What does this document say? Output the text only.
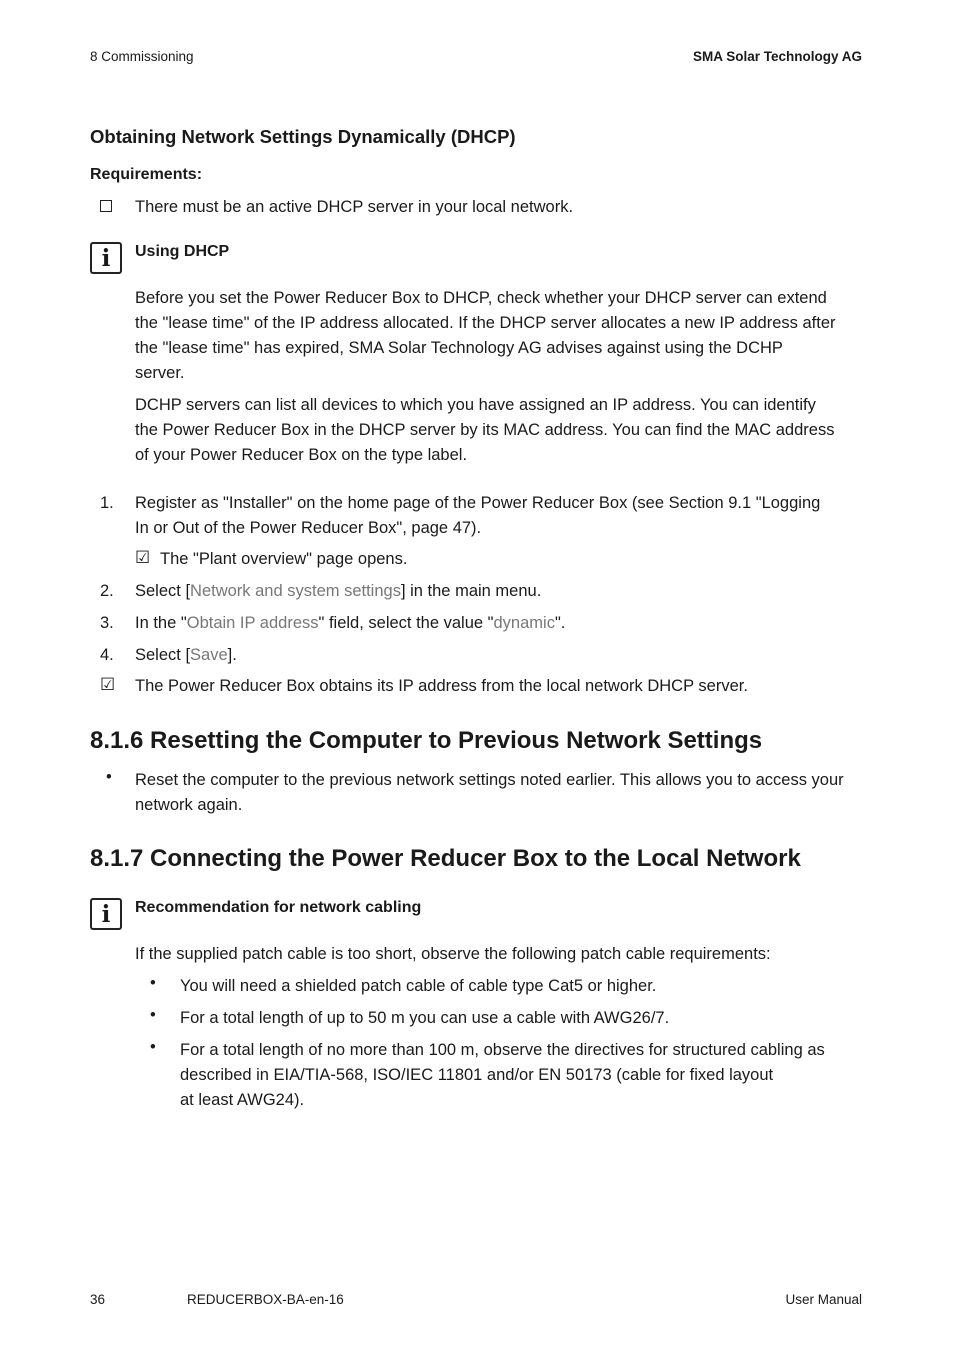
8 Commissioning	SMA Solar Technology AG
Obtaining Network Settings Dynamically (DHCP)
Requirements:
There must be an active DHCP server in your local network.
i	Using DHCP
Before you set the Power Reducer Box to DHCP, check whether your DHCP server can extend
the "lease time" of the IP address allocated. If the DHCP server allocates a new IP address after
the "lease time" has expired, SMA Solar Technology AG advises against using the DCHP
server.
DCHP servers can list all devices to which you have assigned an IP address. You can identify
the Power Reducer Box in the DHCP server by its MAC address. You can find the MAC address
of your Power Reducer Box on the type label.
1.	Register as "Installer" on the home page of the Power Reducer Box (see Section 9.1 "Logging
In or Out of the Power Reducer Box", page 47).
☑ The "Plant overview" page opens.
2.	Select [Network and system settings] in the main menu.
3.	In the "Obtain IP address" field, select the value "dynamic".
4.	Select [Save].
☑ The Power Reducer Box obtains its IP address from the local network DHCP server.
8.1.6 Resetting the Computer to Previous Network Settings
• Reset the computer to the previous network settings noted earlier. This allows you to access your
network again.
8.1.7 Connecting the Power Reducer Box to the Local Network
i	Recommendation for network cabling
If the supplied patch cable is too short, observe the following patch cable requirements:
• You will need a shielded patch cable of cable type Cat5 or higher.
• For a total length of up to 50 m you can use a cable with AWG26/7.
• For a total length of no more than 100 m, observe the directives for structured cabling as
described in EIA/TIA-568, ISO/IEC 11801 and/or EN 50173 (cable for fixed layout
at least AWG24).
36	REDUCERBOX-BA-en-16	User Manual
